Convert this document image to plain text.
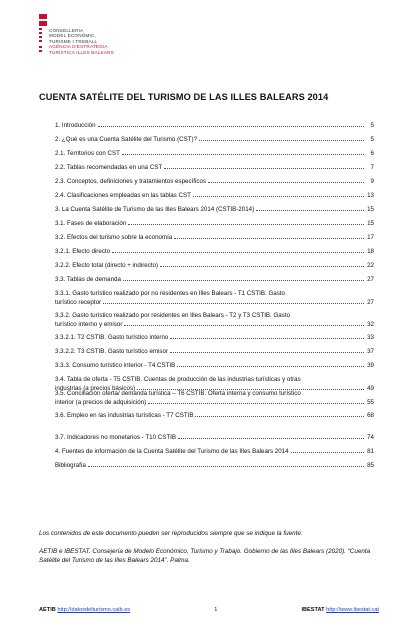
CONSELLERIA
MODEL ECONÒMIC,
TURISME I TREBALL
AGÈNCIA D'ESTRATÈGIA
TURÍSTICA ILLES BALEARS
CUENTA SATÉLITE DEL TURISMO DE LAS ILLES BALEARS 2014
1. Introducción	5
2. ¿Qué es una Cuenta Satélite del Turismo (CST)?	5
2.1. Territorios con CST	6
2.2. Tablas recomendadas en una CST	7
2.3. Conceptos, definiciones y tratamientos específicos	9
2.4. Clasificaciones empleadas en las tablas CST	13
3. La Cuenta Satélite de Turismo de las Illes Balears 2014 (CSTIB-2014)	15
3.1. Fases de elaboración	15
3.2. Efectos del turismo sobre la economía	17
3.2.1. Efecto directo	18
3.2.2. Efecto total (directo + indirecto)	22
3.3. Tablas de demanda	27
3.3.1. Gasto turístico realizado por no residentes en Illes Balears - T1 CSTIB. Gasto
turístico receptor	27
3.3.2. Gasto turístico realizado por residentes en Illes Balears - T2 y T3 CSTIB. Gasto
turístico interno y emisor	32
3.3.2.1. T2 CSTIB. Gasto turístico interno	33
3.3.2.2. T3 CSTIB. Gasto turístico emisor	37
3.3.3. Consumo turístico interior - T4 CSTIB	39
3.4. Tabla de oferta - T5 CSTIB. Cuentas de producción de las industrias turísticas y otras
industrias (a precios básicos)	49
3.5. Conciliación oferta/ demanda turística – T6 CSTIB. Oferta interna y consumo turístico
interior (a precios de adquisición)	55
3.6. Empleo en las industrias turísticas - T7 CSTIB	68
3.7. Indicadores no monetarios - T10 CSTIB	74
4. Fuentes de información de la Cuenta Satélite del Turismo de las Illes Balears 2014	81
Bibliografía	85
Los contenidos de este documento pueden ser reproducidos siempre que se indique la fuente:
AETIB e IBESTAT. Consejería de Modelo Económico, Turismo y Trabajo. Gobierno de las Illes Balears (2020). “Cuenta Satélite del Turismo de las Illes Balears 2014”. Palma.
AETIB http://datosdelturismo.caib.es	1	IBESTAT http://www.ibestat.cat
